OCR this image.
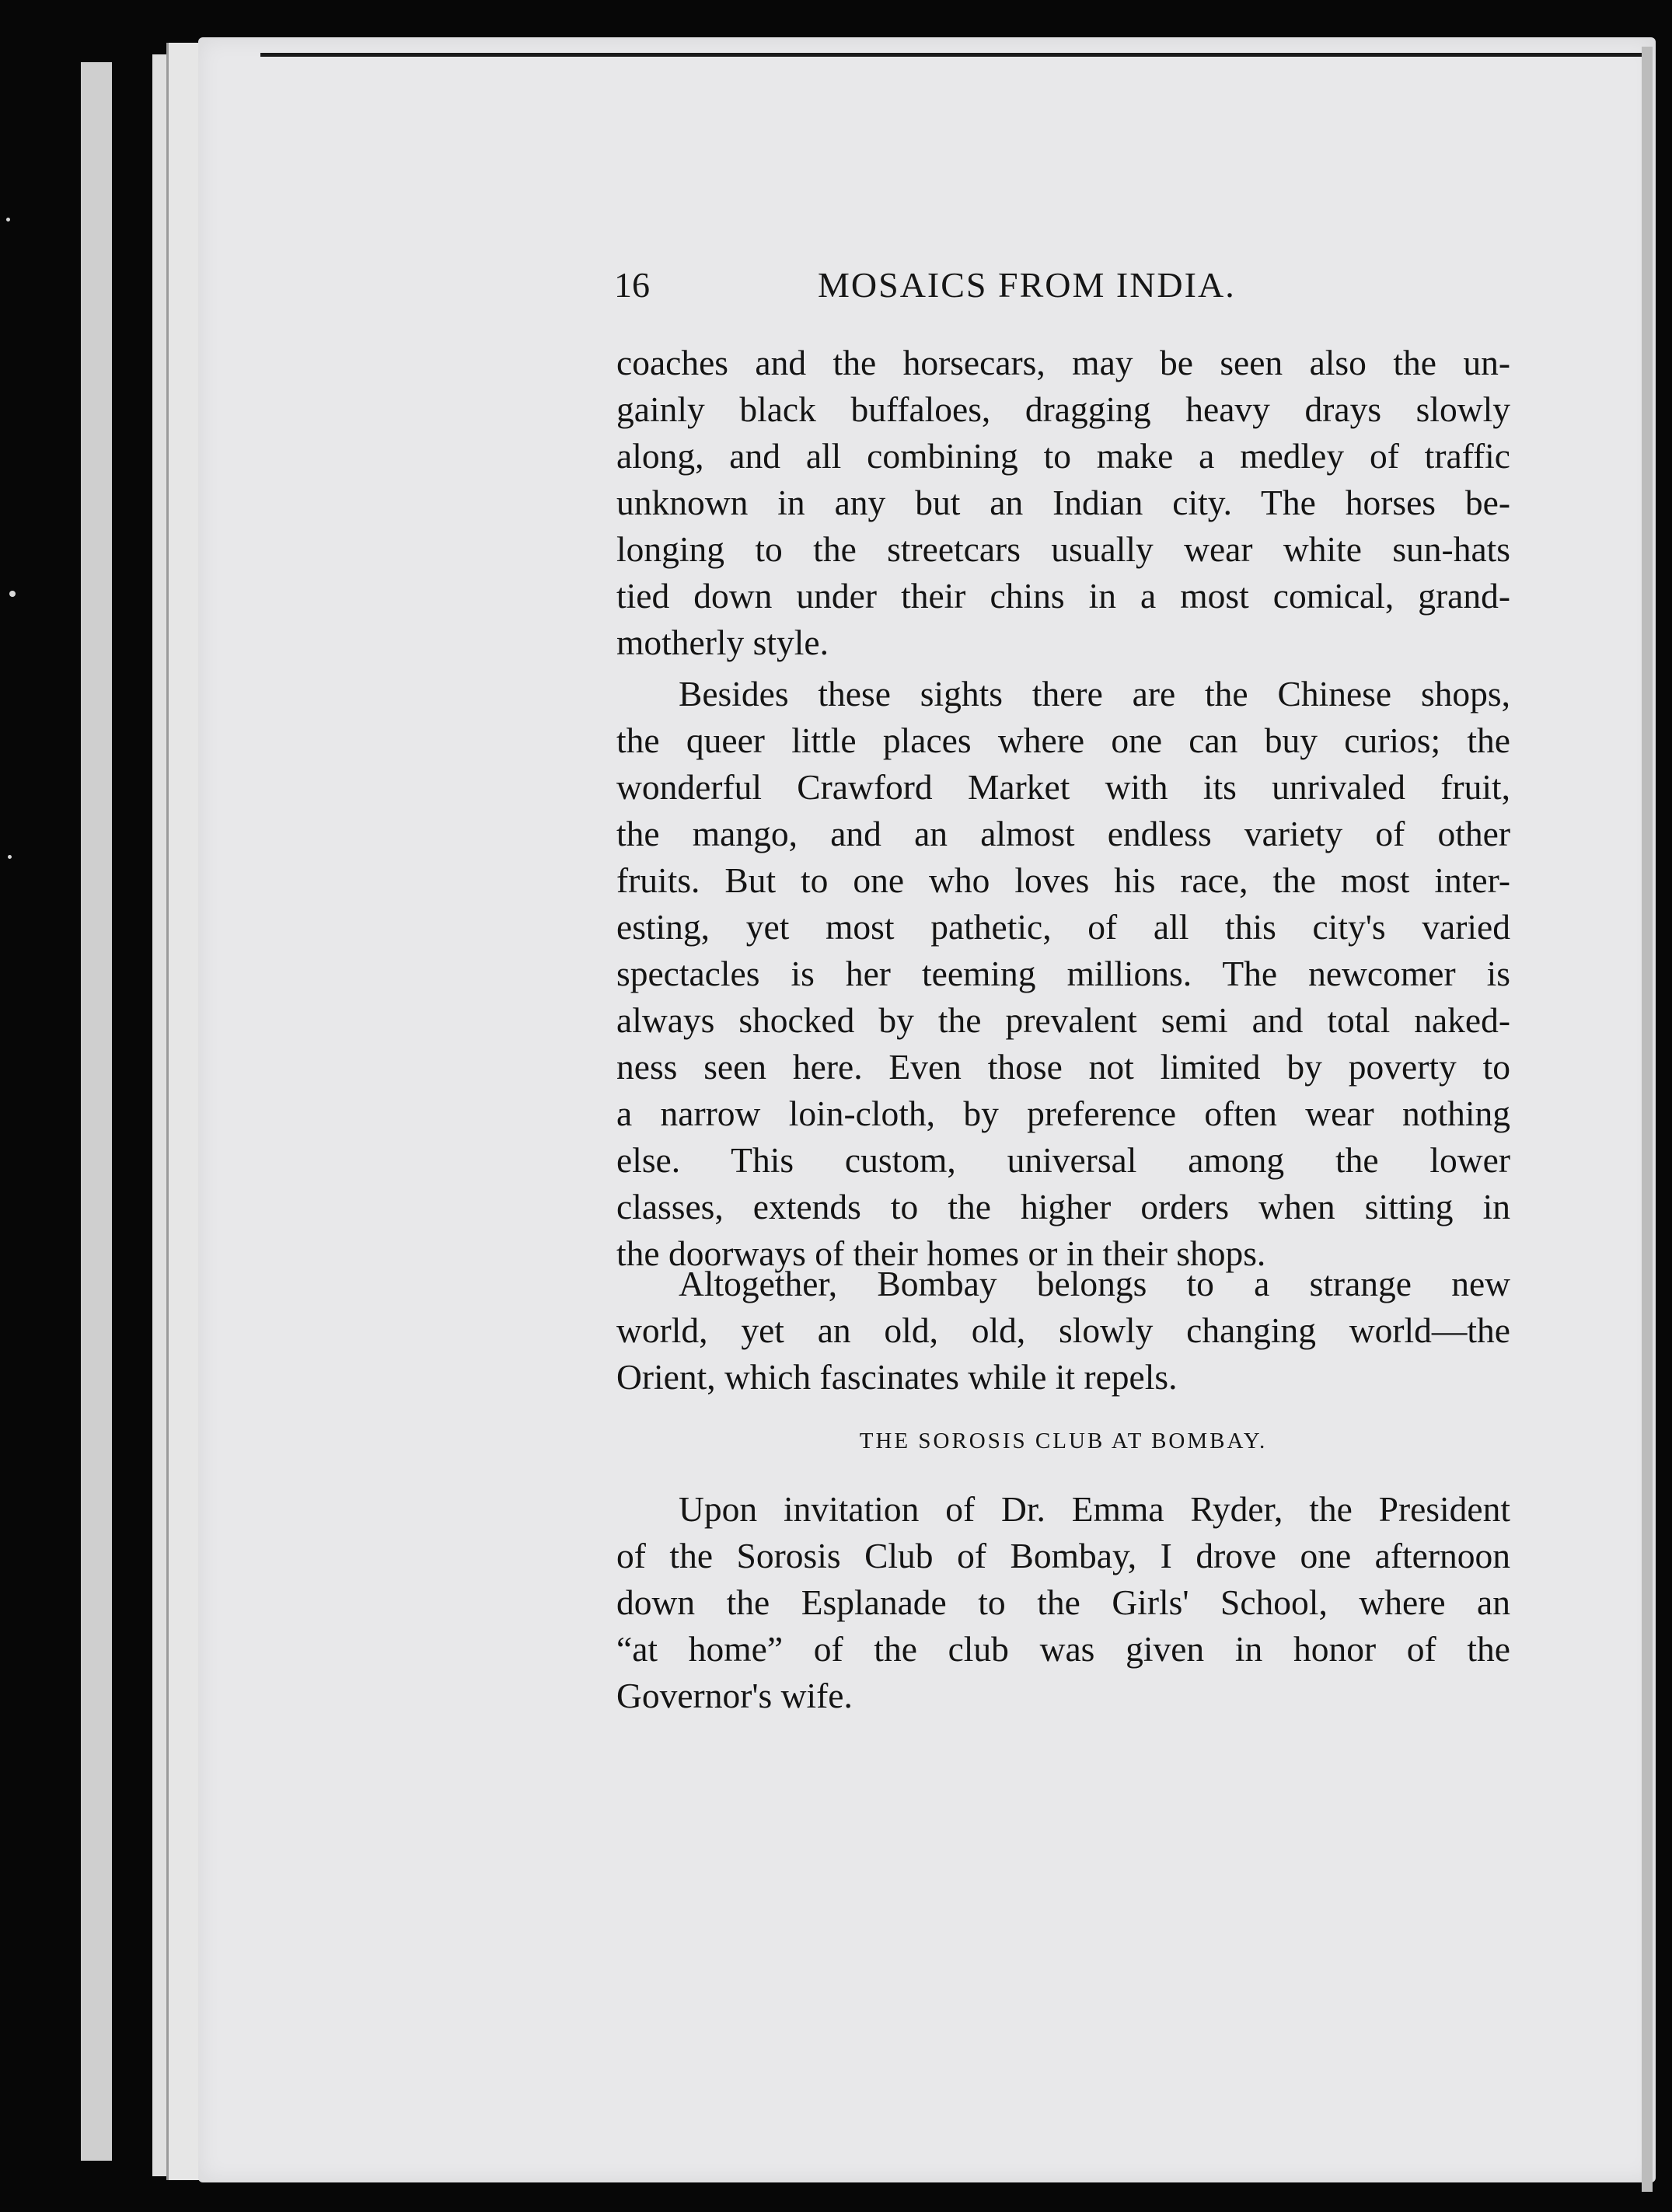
16	MOSAICS FROM INDIA.
coaches and the horsecars, may be seen also the un-
gainly black buffaloes, dragging heavy drays slowly
along, and all combining to make a medley of traffic
unknown in any but an Indian city. The horses be-
longing to the streetcars usually wear white sun-hats
tied down under their chins in a most comical, grand-
motherly style.
Besides these sights there are the Chinese shops,
the queer little places where one can buy curios; the
wonderful Crawford Market with its unrivaled fruit,
the mango, and an almost endless variety of other
fruits. But to one who loves his race, the most inter-
esting, yet most pathetic, of all this city's varied
spectacles is her teeming millions. The newcomer is
always shocked by the prevalent semi and total naked-
ness seen here. Even those not limited by poverty to
a narrow loin-cloth, by preference often wear nothing
else. This custom, universal among the lower
classes, extends to the higher orders when sitting in
the doorways of their homes or in their shops.
Altogether, Bombay belongs to a strange new
world, yet an old, old, slowly changing world—the
Orient, which fascinates while it repels.
THE SOROSIS CLUB AT BOMBAY.
Upon invitation of Dr. Emma Ryder, the President
of the Sorosis Club of Bombay, I drove one afternoon
down the Esplanade to the Girls' School, where an
“at home” of the club was given in honor of the
Governor's wife.
